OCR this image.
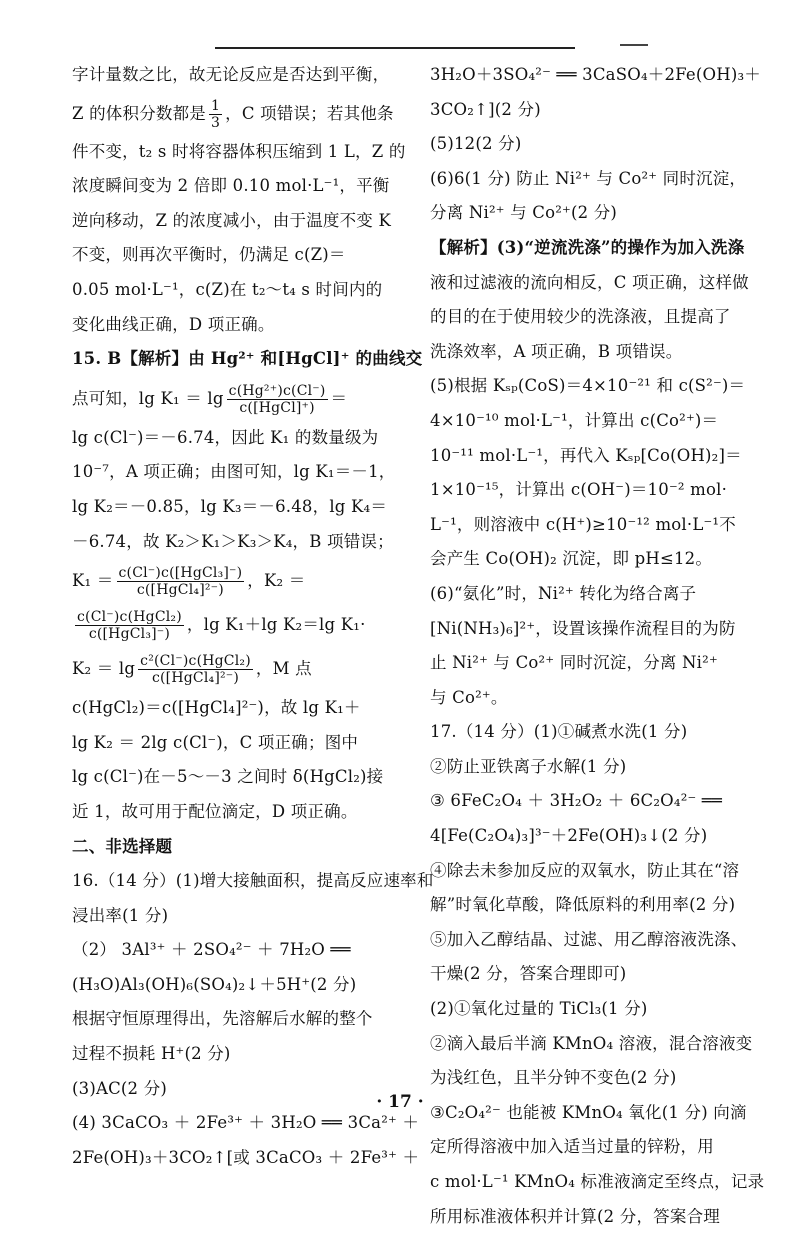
字计量数之比，故无论反应是否达到平衡，
Z 的体积分数都是 $\frac{1}{3}$ ，C 项错误；若其他条
件不变，t₂ s 时将容器体积压缩到 1 L，Z 的
浓度瞬间变为 2 倍即 0.10 mol·L⁻¹，平衡
逆向移动，Z 的浓度减小，由于温度不变 K
不变，则再次平衡时，仍满足 c(Z)＝
0.05 mol·L⁻¹，c(Z)在 t₂～t₄ s 时间内的
变化曲线正确，D 项正确。
15. B【解析】由 Hg²⁺ 和[HgCl]⁺ 的曲线交
点可知，$\lg K_1 = \lg \frac{\text{c(Hg²⁺)c(Cl⁻)}}{\text{c([HgCl]⁺)}}$ ＝
lg c(Cl⁻)＝－6.74，因此 K₁ 的数量级为
10⁻⁷，A 项正确；由图可知，lg K₁＝－1，
lg K₂＝－0.85，lg K₃＝－6.48，lg K₄＝
－6.74，故 K₂＞K₁＞K₃＞K₄，B 项错误；
$K_1 = \frac{\text{c(Cl⁻)c([HgCl₃]⁻)}}{\text{c([HgCl₄]²⁻)}}$ ，K₂ ＝
$\frac{\text{c(Cl⁻)c(HgCl₂)}}{\text{c([HgCl₃]⁻)}}$ ，lg K₁＋lg K₂＝lg K₁·
$K_2 = \lg \frac{\text{c²(Cl⁻)c(HgCl₂)}}{\text{c([HgCl₄]²⁻)}}$ ，M 点
c(HgCl₂)＝c([HgCl₄]²⁻)，故 lg K₁＋
lg K₂ ＝ 2lg c(Cl⁻)，C 项正确；图中
lg c(Cl⁻)在－5～－3 之间时 δ(HgCl₂)接
近 1，故可用于配位滴定，D 项正确。
二、非选择题
16.（14 分）(1)增大接触面积，提高反应速率和
浸出率(1 分)
（2） 3Al³⁺ ＋ 2SO₄²⁻ ＋ 7H₂O ══
(H₃O)Al₃(OH)₆(SO₄)₂↓＋5H⁺(2 分)
根据守恒原理得出，先溶解后水解的整个
过程不损耗 H⁺(2 分)
(3)AC(2 分)
(4) 3CaCO₃ ＋ 2Fe³⁺ ＋ 3H₂O ══ 3Ca²⁺ ＋
2Fe(OH)₃＋3CO₂↑[或 3CaCO₃ ＋ 2Fe³⁺ ＋
3H₂O＋3SO₄²⁻ ══ 3CaSO₄＋2Fe(OH)₃＋
3CO₂↑](2 分)
(5)12(2 分)
(6)6(1 分) 防止 Ni²⁺ 与 Co²⁺ 同时沉淀，
分离 Ni²⁺ 与 Co²⁺(2 分)
【解析】(3)“逆流洗涤”的操作为加入洗涤
液和过滤液的流向相反，C 项正确，这样做
的目的在于使用较少的洗涤液，且提高了
洗涤效率，A 项正确，B 项错误。
(5)根据 Kₛₚ(CoS)＝4×10⁻²¹ 和 c(S²⁻)＝
4×10⁻¹⁰ mol·L⁻¹，计算出 c(Co²⁺)＝
10⁻¹¹ mol·L⁻¹，再代入 Kₛₚ[Co(OH)₂]＝
1×10⁻¹⁵，计算出 c(OH⁻)＝10⁻² mol·
L⁻¹，则溶液中 c(H⁺)≥10⁻¹² mol·L⁻¹不
会产生 Co(OH)₂ 沉淀，即 pH≤12。
(6)“氨化”时，Ni²⁺ 转化为络合离子
[Ni(NH₃)₆]²⁺，设置该操作流程目的为防
止 Ni²⁺ 与 Co²⁺ 同时沉淀，分离 Ni²⁺
与 Co²⁺。
17.（14 分）(1)①碱煮水洗(1 分)
②防止亚铁离子水解(1 分)
③ 6FeC₂O₄ ＋ 3H₂O₂ ＋ 6C₂O₄²⁻ ══
4[Fe(C₂O₄)₃]³⁻＋2Fe(OH)₃↓(2 分)
④除去未参加反应的双氧水，防止其在“溶
解”时氧化草酸，降低原料的利用率(2 分)
⑤加入乙醇结晶、过滤、用乙醇溶液洗涤、
干燥(2 分，答案合理即可)
(2)①氧化过量的 TiCl₃(1 分)
②滴入最后半滴 KMnO₄ 溶液，混合溶液变
为浅红色，且半分钟不变色(2 分)
③C₂O₄²⁻ 也能被 KMnO₄ 氧化(1 分) 向滴
定所得溶液中加入适当过量的锌粉，用
c mol·L⁻¹ KMnO₄ 标准液滴定至终点，记录
所用标准液体积并计算(2 分，答案合理
· 17 ·
